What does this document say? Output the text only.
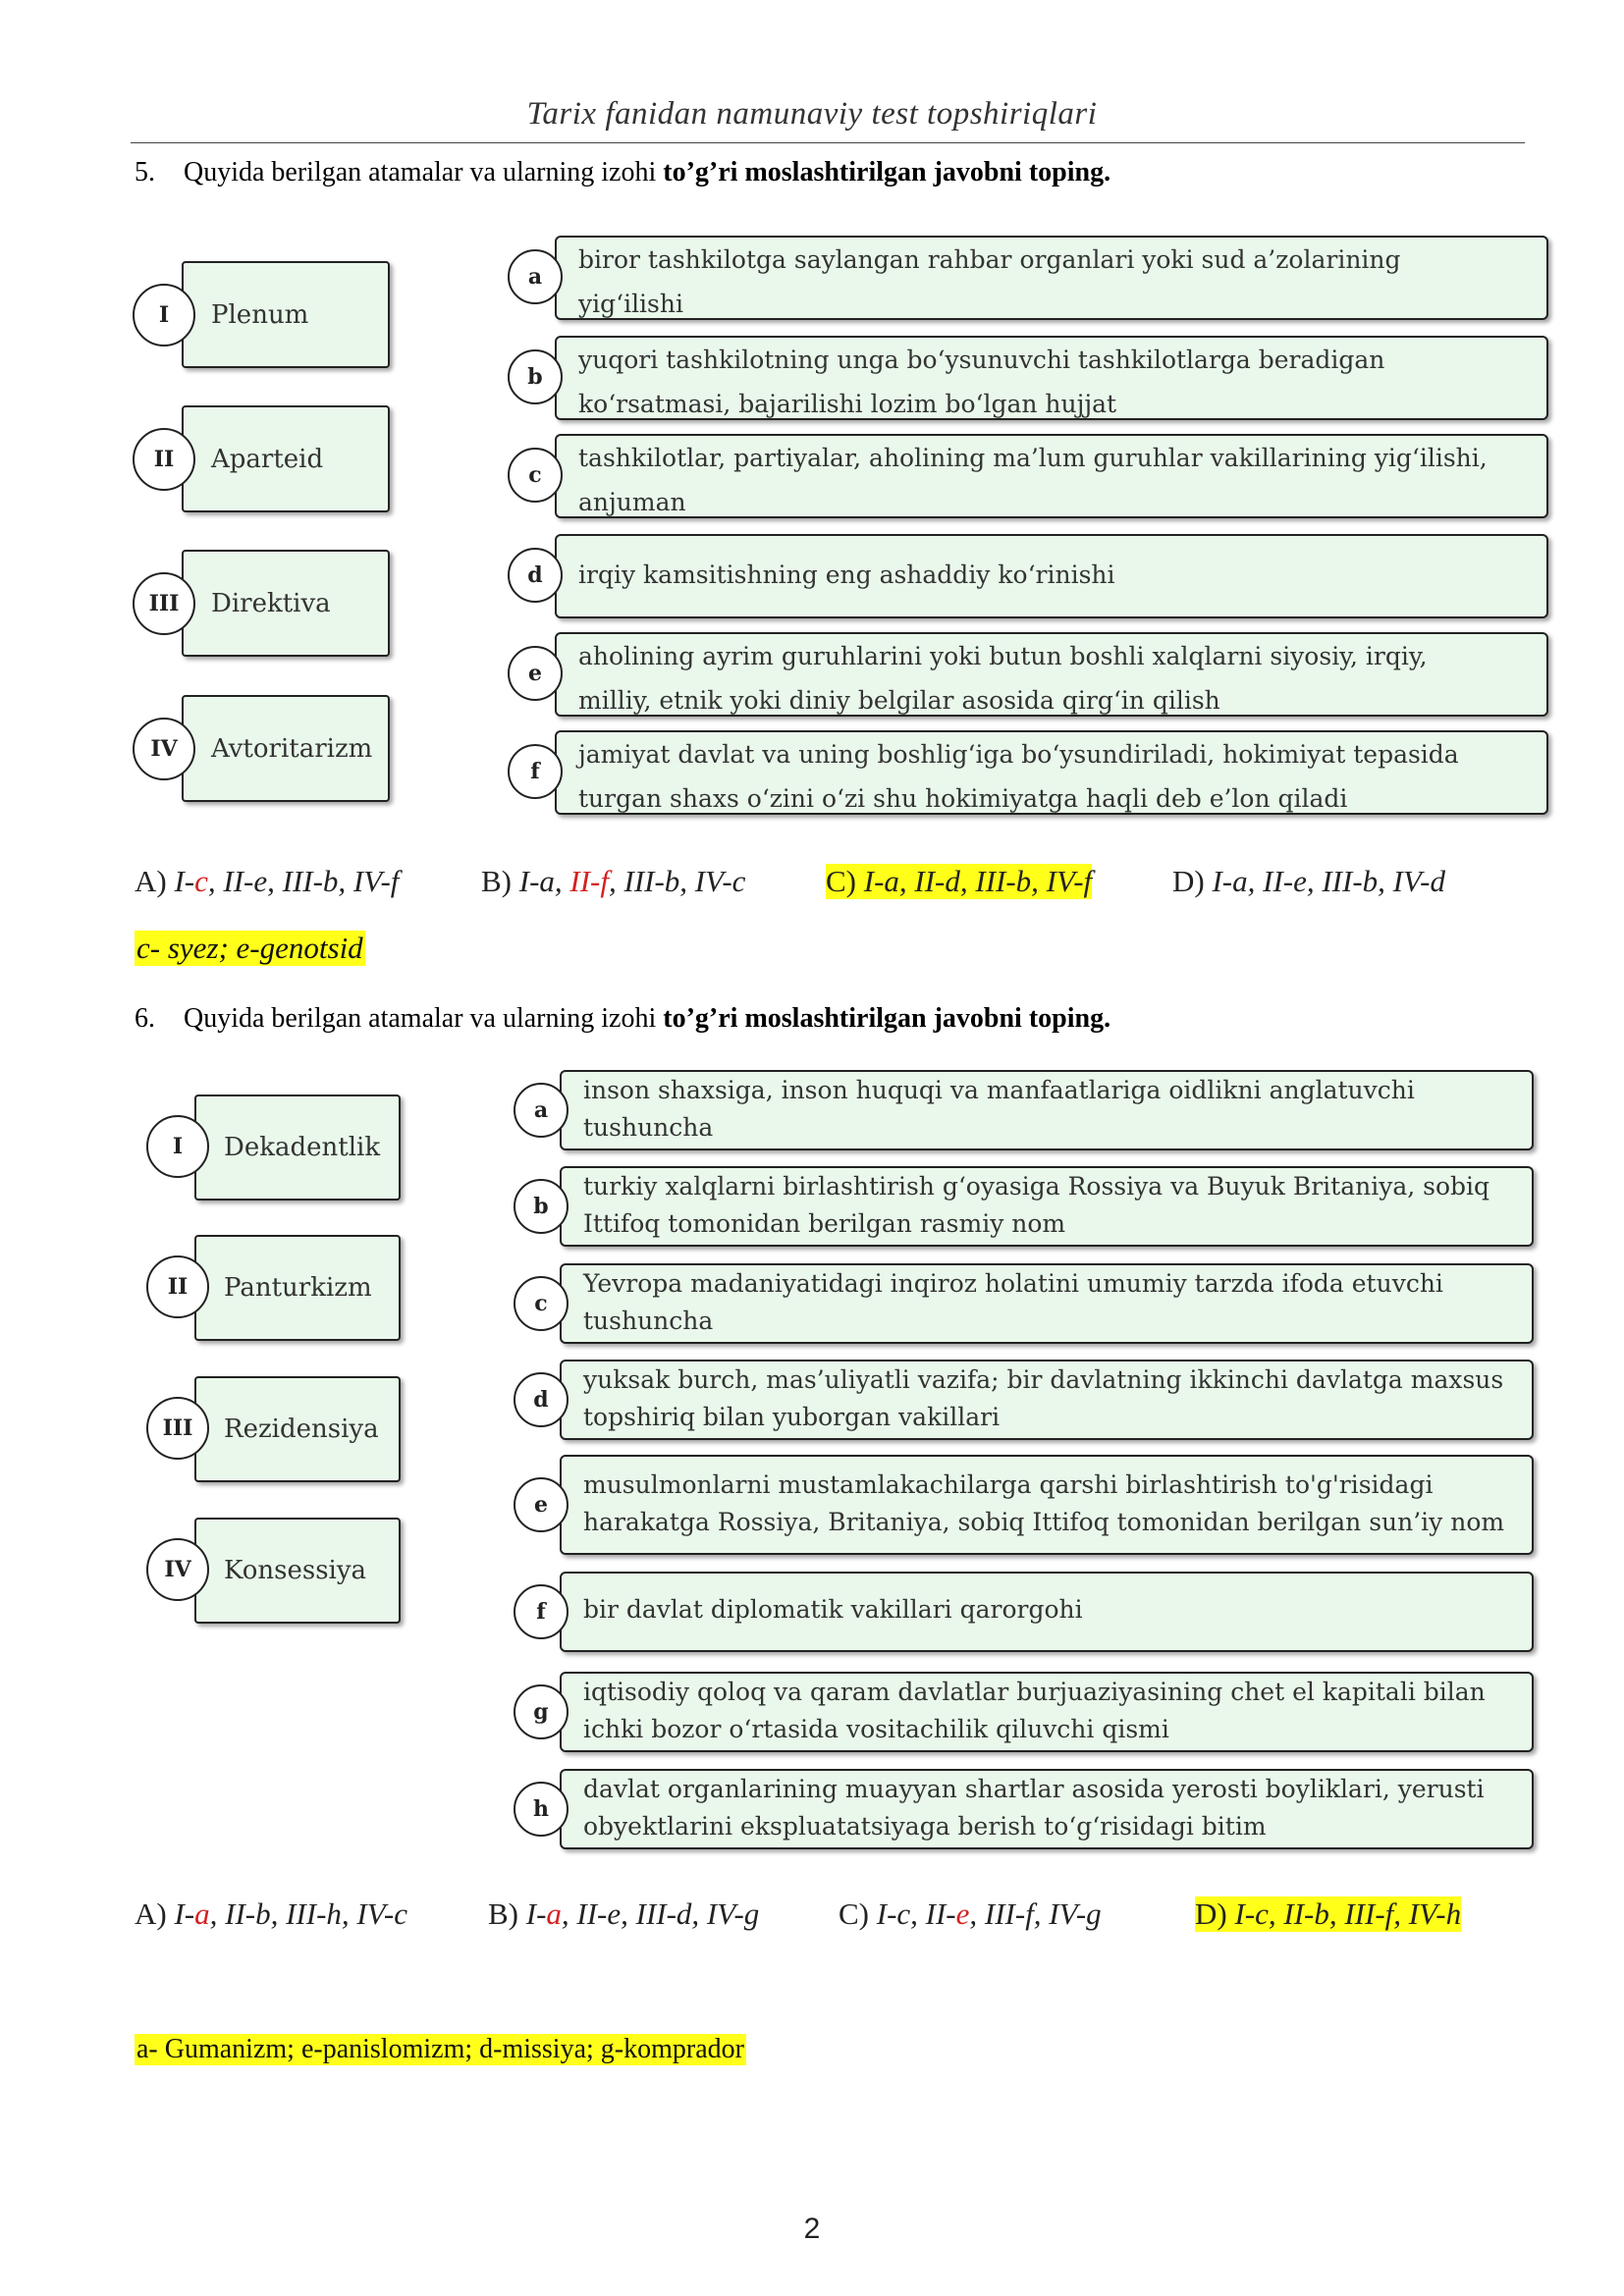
Tarix fanidan namunaviy test topshiriqlari
5. Quyida berilgan atamalar va ularning izohi to’g’ri moslashtirilgan javobni toping.
Plenum
I
Aparteid
II
Direktiva
III
Avtoritarizm
IV
biror tashkilotga saylangan rahbar organlari yoki sud a’zolarining
yig‘ilishi
a
yuqori tashkilotning unga bo‘ysunuvchi tashkilotlarga beradigan
ko‘rsatmasi, bajarilishi lozim bo‘lgan hujjat
b
tashkilotlar, partiyalar, aholining ma’lum guruhlar vakillarining yig‘ilishi,
anjuman
c
irqiy kamsitishning eng ashaddiy ko‘rinishi
d
aholining ayrim guruhlarini yoki butun boshli xalqlarni siyosiy, irqiy,
milliy, etnik yoki diniy belgilar asosida qirg‘in qilish
e
jamiyat davlat va uning boshlig‘iga bo‘ysundiriladi, hokimiyat tepasida
turgan shaxs o‘zini o‘zi shu hokimiyatga haqli deb e’lon qiladi
f
A) I-c, II-e, III-b, IV-f	B) I-a, II-f, III-b, IV-c	C) I-a, II-d, III-b, IV-f	D) I-a, II-e, III-b, IV-d
c- syez; e-genotsid
6. Quyida berilgan atamalar va ularning izohi to’g’ri moslashtirilgan javobni toping.
Dekadentlik
I
Panturkizm
II
Rezidensiya
III
Konsessiya
IV
inson shaxsiga, inson huquqi va manfaatlariga oidlikni anglatuvchi
tushuncha
a
turkiy xalqlarni birlashtirish g‘oyasiga Rossiya va Buyuk Britaniya, sobiq
Ittifoq tomonidan berilgan rasmiy nom
b
Yevropa madaniyatidagi inqiroz holatini umumiy tarzda ifoda etuvchi
tushuncha
c
yuksak burch, mas’uliyatli vazifa; bir davlatning ikkinchi davlatga maxsus
topshiriq bilan yuborgan vakillari
d
musulmonlarni mustamlakachilarga qarshi birlashtirish to'g'risidagi
harakatga Rossiya, Britaniya, sobiq Ittifoq tomonidan berilgan sun’iy nom
e
bir davlat diplomatik vakillari qarorgohi
f
iqtisodiy qoloq va qaram davlatlar burjuaziyasining chet el kapitali bilan
ichki bozor o‘rtasida vositachilik qiluvchi qismi
g
davlat organlarining muayyan shartlar asosida yerosti boyliklari, yerusti
obyektlarini ekspluatatsiyaga berish to‘g‘risidagi bitim
h
A) I-a, II-b, III-h, IV-c	B) I-a, II-e, III-d, IV-g	C) I-c, II-e, III-f, IV-g	D) I-c, II-b, III-f, IV-h
a- Gumanizm; e-panislomizm; d-missiya; g-komprador
2
